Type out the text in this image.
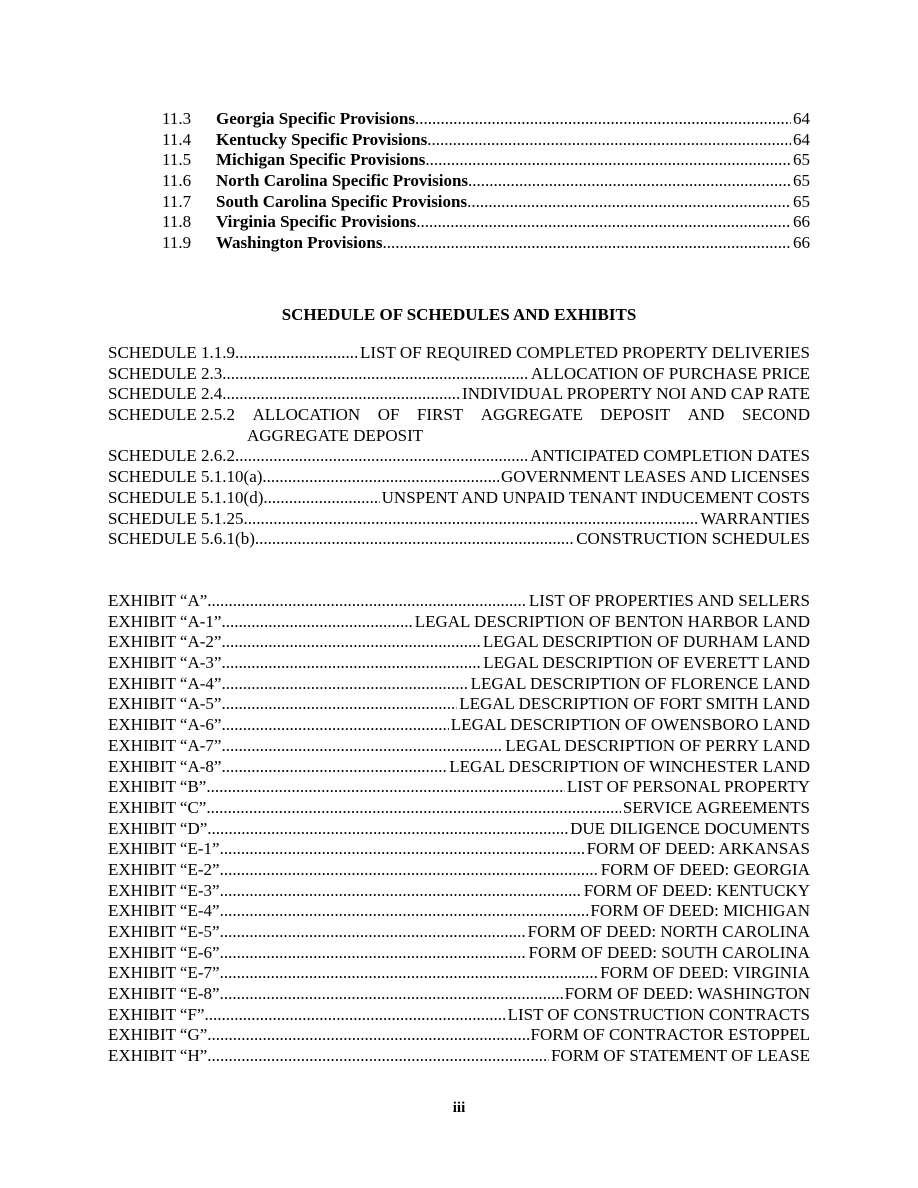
11.3	Georgia Specific Provisions .....	64
11.4	Kentucky Specific Provisions .....	64
11.5	Michigan Specific Provisions .....	65
11.6	North Carolina Specific Provisions .....	65
11.7	South Carolina Specific Provisions .....	65
11.8	Virginia Specific Provisions .....	66
11.9	Washington Provisions .....	66
SCHEDULE OF SCHEDULES AND EXHIBITS
SCHEDULE 1.1.9 .....	LIST OF REQUIRED COMPLETED PROPERTY DELIVERIES
SCHEDULE 2.3 .....	ALLOCATION OF PURCHASE PRICE
SCHEDULE 2.4 .....	INDIVIDUAL PROPERTY NOI AND CAP RATE
SCHEDULE 2.5.2 ALLOCATION OF FIRST AGGREGATE DEPOSIT AND SECOND
AGGREGATE DEPOSIT
SCHEDULE 2.6.2 .....	ANTICIPATED COMPLETION DATES
SCHEDULE 5.1.10(a) .....	GOVERNMENT LEASES AND LICENSES
SCHEDULE 5.1.10(d) .....	UNSPENT AND UNPAID TENANT INDUCEMENT COSTS
SCHEDULE 5.1.25 .....	WARRANTIES
SCHEDULE 5.6.1(b) .....	CONSTRUCTION SCHEDULES
EXHIBIT “A” .....	LIST OF PROPERTIES AND SELLERS
EXHIBIT “A-1” .....	LEGAL DESCRIPTION OF BENTON HARBOR LAND
EXHIBIT “A-2” .....	LEGAL DESCRIPTION OF DURHAM LAND
EXHIBIT “A-3” .....	LEGAL DESCRIPTION OF EVERETT LAND
EXHIBIT “A-4” .....	LEGAL DESCRIPTION OF FLORENCE LAND
EXHIBIT “A-5” .....	LEGAL DESCRIPTION OF FORT SMITH LAND
EXHIBIT “A-6” .....	LEGAL DESCRIPTION OF OWENSBORO LAND
EXHIBIT “A-7” .....	LEGAL DESCRIPTION OF PERRY LAND
EXHIBIT “A-8” .....	LEGAL DESCRIPTION OF WINCHESTER LAND
EXHIBIT “B” .....	LIST OF PERSONAL PROPERTY
EXHIBIT “C” .....	SERVICE AGREEMENTS
EXHIBIT “D” .....	DUE DILIGENCE DOCUMENTS
EXHIBIT “E-1” .....	FORM OF DEED: ARKANSAS
EXHIBIT “E-2” .....	FORM OF DEED: GEORGIA
EXHIBIT “E-3” .....	FORM OF DEED: KENTUCKY
EXHIBIT “E-4” .....	FORM OF DEED: MICHIGAN
EXHIBIT “E-5” .....	FORM OF DEED: NORTH CAROLINA
EXHIBIT “E-6” .....	FORM OF DEED: SOUTH CAROLINA
EXHIBIT “E-7” .....	FORM OF DEED: VIRGINIA
EXHIBIT “E-8” .....	FORM OF DEED: WASHINGTON
EXHIBIT “F” .....	LIST OF CONSTRUCTION CONTRACTS
EXHIBIT “G” .....	FORM OF CONTRACTOR ESTOPPEL
EXHIBIT “H” .....	FORM OF STATEMENT OF LEASE
iii
